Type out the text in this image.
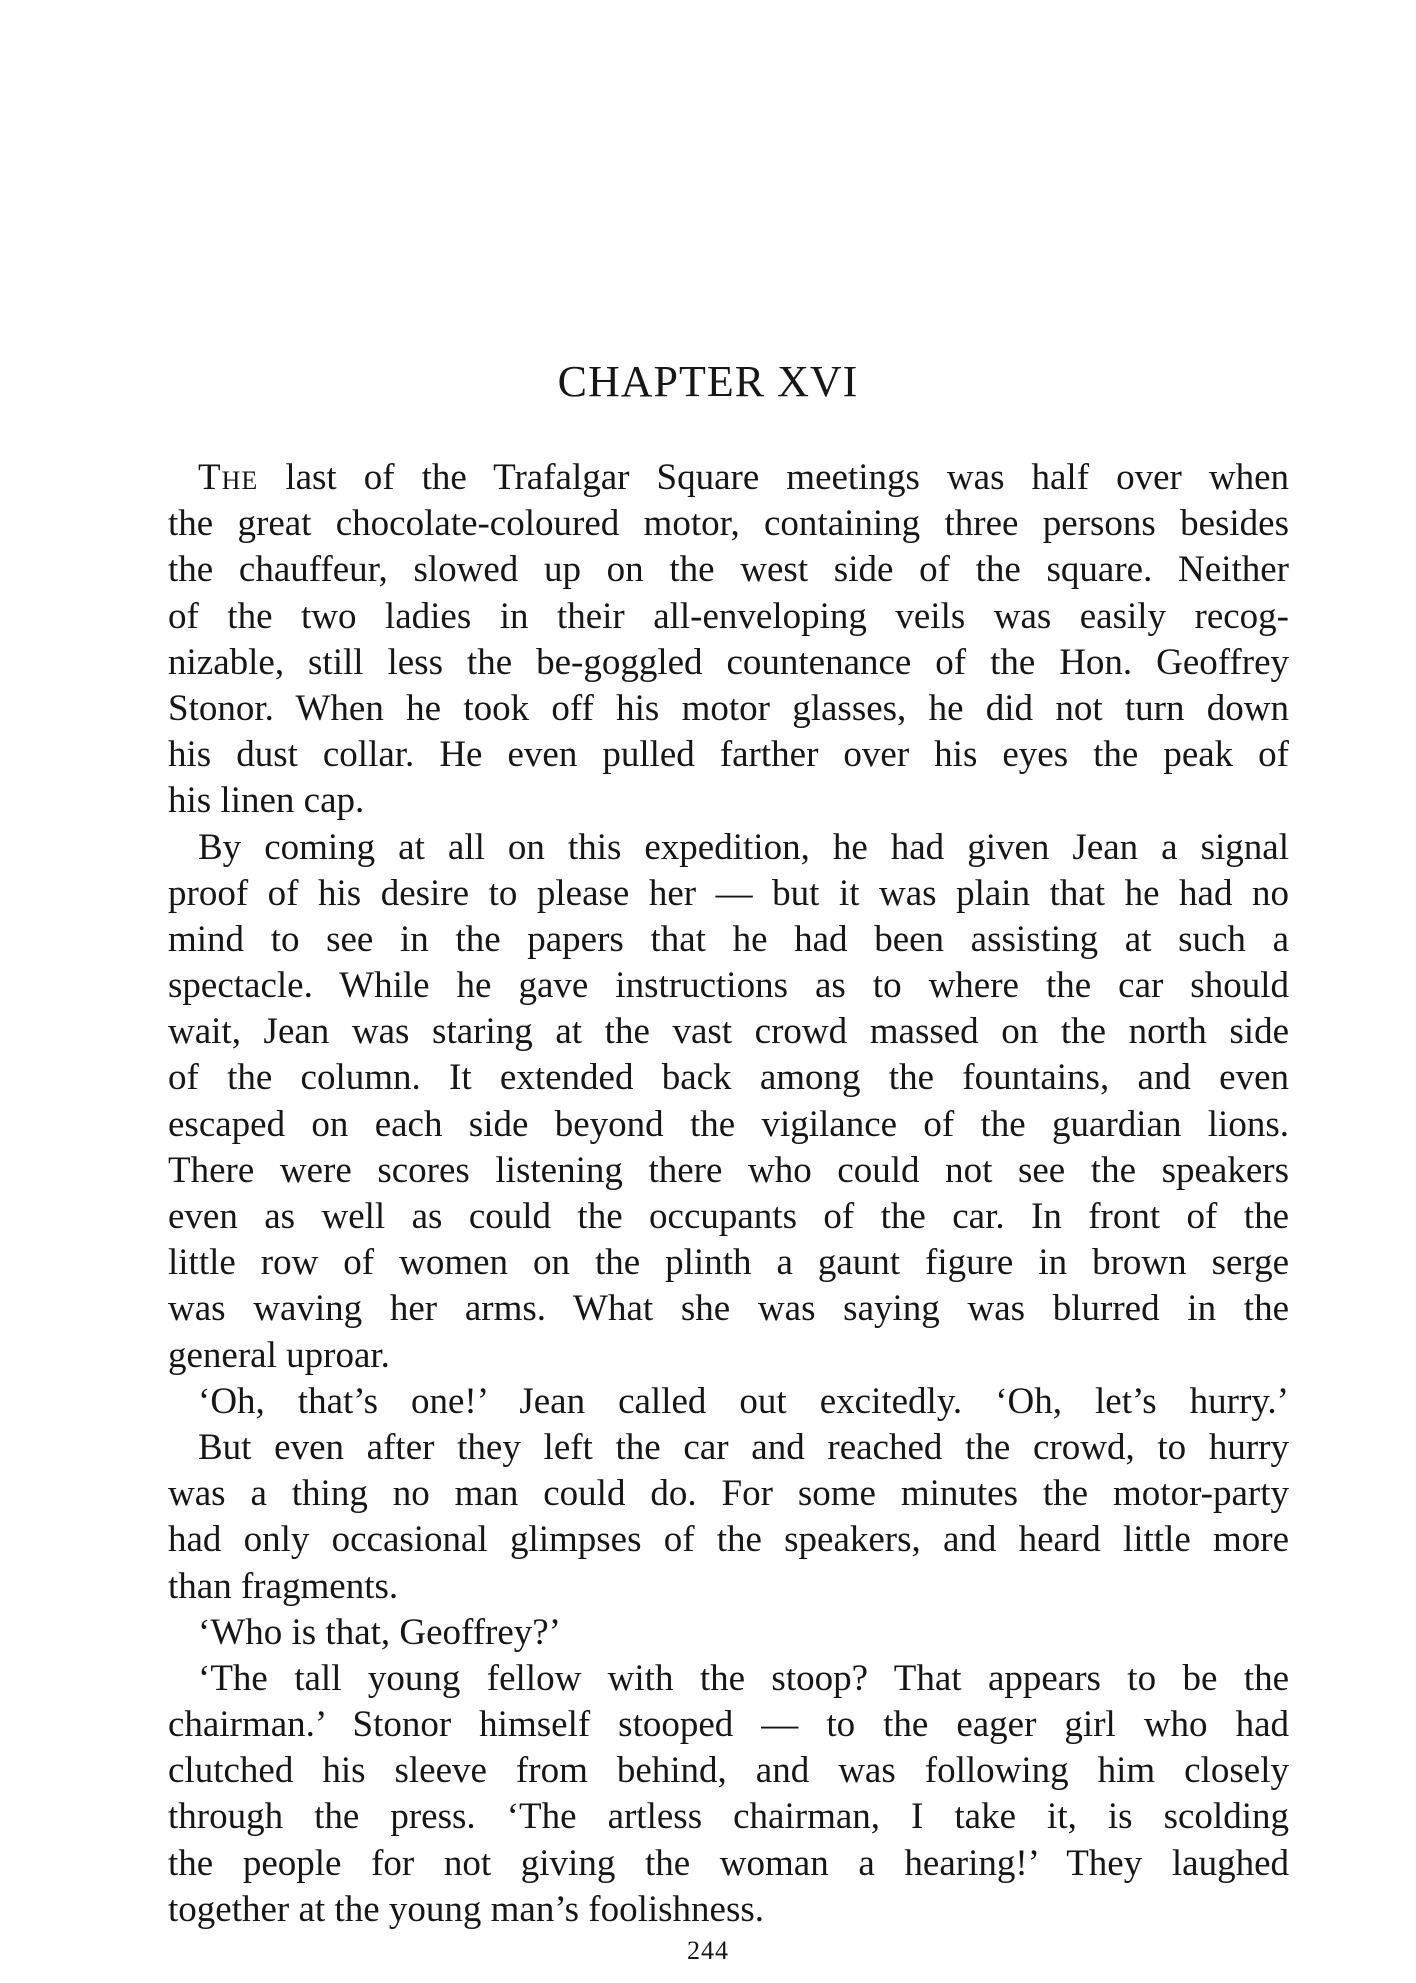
CHAPTER XVI
The last of the Trafalgar Square meetings was half over when
the great chocolate-coloured motor, containing three persons besides
the chauffeur, slowed up on the west side of the square. Neither
of the two ladies in their all-enveloping veils was easily recog-
nizable, still less the be-goggled countenance of the Hon. Geoffrey
Stonor. When he took off his motor glasses, he did not turn down
his dust collar. He even pulled farther over his eyes the peak of
his linen cap.
By coming at all on this expedition, he had given Jean a signal
proof of his desire to please her — but it was plain that he had no
mind to see in the papers that he had been assisting at such a
spectacle. While he gave instructions as to where the car should
wait, Jean was staring at the vast crowd massed on the north side
of the column. It extended back among the fountains, and even
escaped on each side beyond the vigilance of the guardian lions.
There were scores listening there who could not see the speakers
even as well as could the occupants of the car. In front of the
little row of women on the plinth a gaunt figure in brown serge
was waving her arms. What she was saying was blurred in the
general uproar.
‘Oh, that’s one!’ Jean called out excitedly. ‘Oh, let’s hurry.’
But even after they left the car and reached the crowd, to hurry
was a thing no man could do. For some minutes the motor-party
had only occasional glimpses of the speakers, and heard little more
than fragments.
‘Who is that, Geoffrey?’
‘The tall young fellow with the stoop? That appears to be the
chairman.’ Stonor himself stooped — to the eager girl who had
clutched his sleeve from behind, and was following him closely
through the press. ‘The artless chairman, I take it, is scolding
the people for not giving the woman a hearing!’ They laughed
together at the young man’s foolishness.
244
